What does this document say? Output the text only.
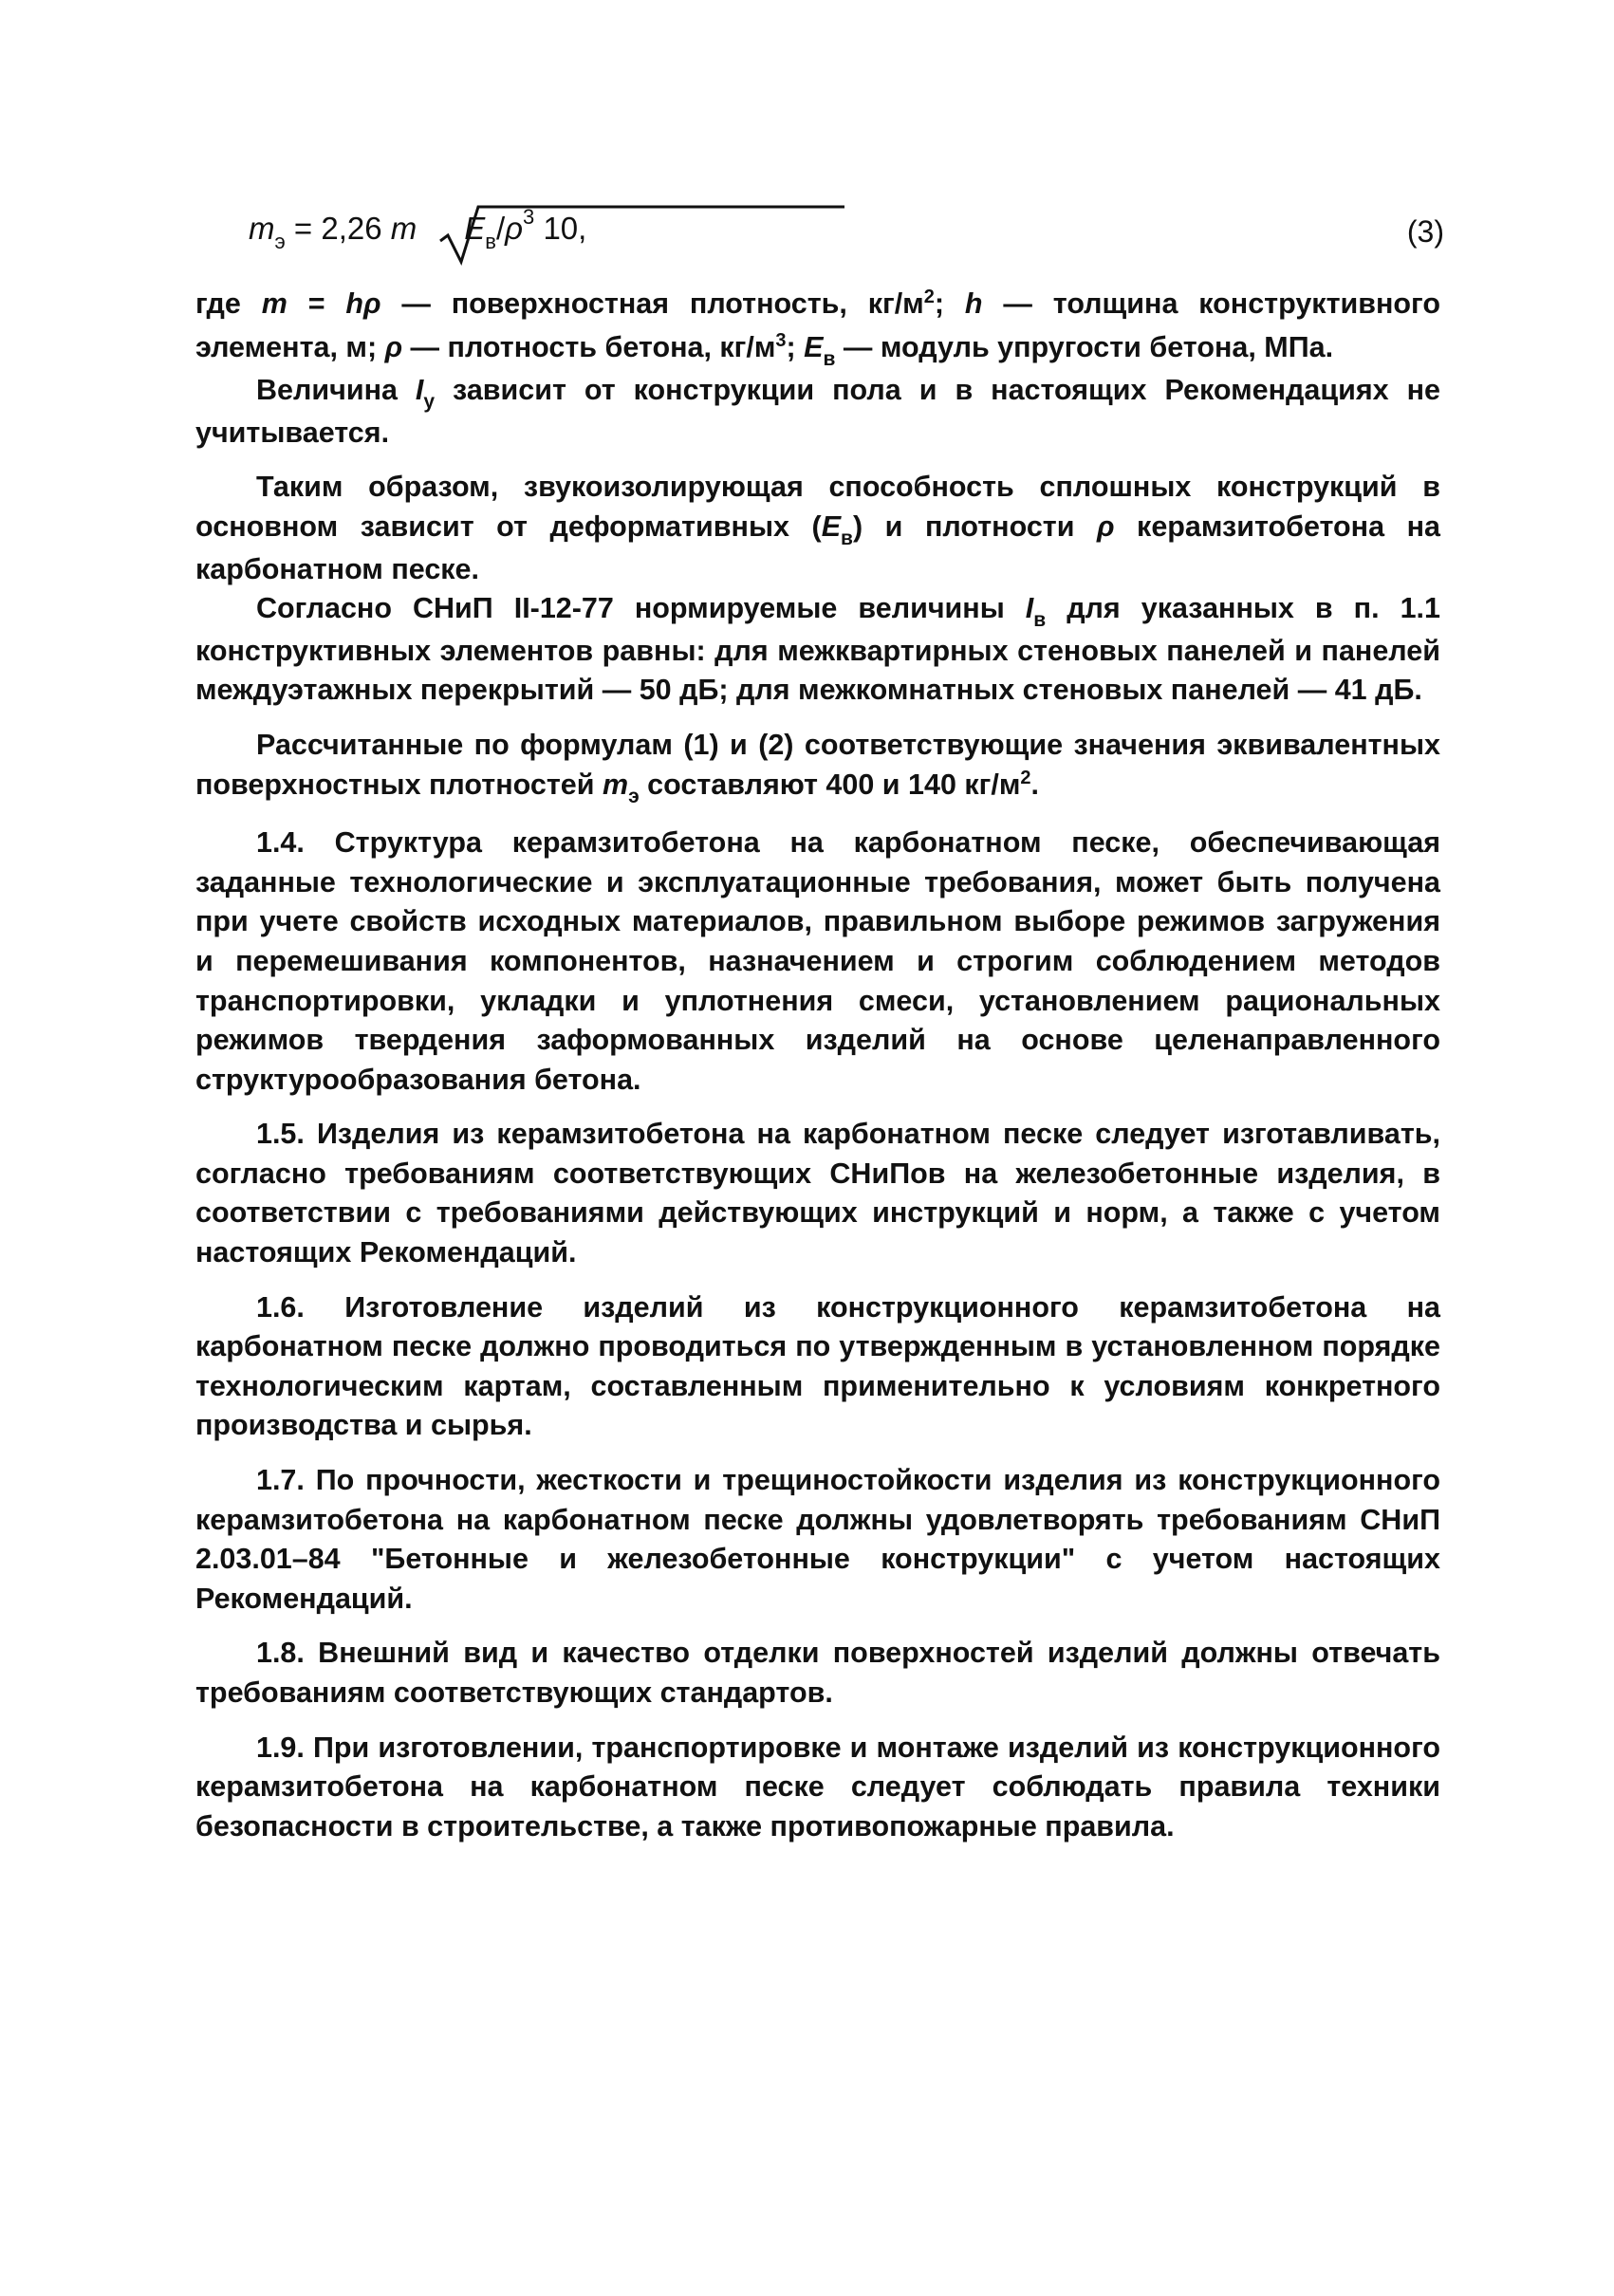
$m_э = 2,26$ m $E_в/\rho^3$ 10,	(3)

где m = hρ — поверхностная плотность, $кг/м^2$; h — толщина конструктивного элемента, м; ρ — плотность бетона, $кг/м^3$; $E_в$ — модуль упругости бетона, МПа.

Величина $I_у$ зависит от конструкции пола и в настоящих Рекомендациях не учитывается.

Таким образом, звукоизолирующая способность сплошных конструкций в основном зависит от деформативных $(E_в)$ и плотности ρ керамзитобетона на карбонатном песке.

Согласно СНиП II-12-77 нормируемые величины $I_в$ для указанных в п. 1.1 конструктивных элементов равны: для межквартирных стеновых панелей и панелей междуэтажных перекрытий — 50 дБ; для межкомнатных стеновых панелей — 41 дБ.

Рассчитанные по формулам (1) и (2) соответствующие значения эквивалентных поверхностных плотностей $m_э$ составляют 400 и 140 $кг/м^2$.

1.4. Структура керамзитобетона на карбонатном песке, обеспечивающая заданные технологические и эксплуатационные требования, может быть получена при учете свойств исходных материалов, правильном выборе режимов загружения и перемешивания компонентов, назначением и строгим соблюдением методов транспортировки, укладки и уплотнения смеси, установлением рациональных режимов твердения заформованных изделий на основе целенаправленного структурообразования бетона.

1.5. Изделия из керамзитобетона на карбонатном песке следует изготавливать, согласно требованиям соответствующих СНиПов на железобетонные изделия, в соответствии с требованиями действующих инструкций и норм, а также с учетом настоящих Рекомендаций.

1.6. Изготовление изделий из конструкционного керамзитобетона на карбонатном песке должно проводиться по утвержденным в установленном порядке технологическим картам, составленным применительно к условиям конкретного производства и сырья.

1.7. По прочности, жесткости и трещиностойкости изделия из конструкционного керамзитобетона на карбонатном песке должны удовлетворять требованиям СНиП 2.03.01–84 "Бетонные и железобетонные конструкции" с учетом настоящих Рекомендаций.

1.8. Внешний вид и качество отделки поверхностей изделий должны отвечать требованиям соответствующих стандартов.

1.9. При изготовлении, транспортировке и монтаже изделий из конструкционного керамзитобетона на карбонатном песке следует соблюдать правила техники безопасности в строительстве, а также противопожарные правила.
